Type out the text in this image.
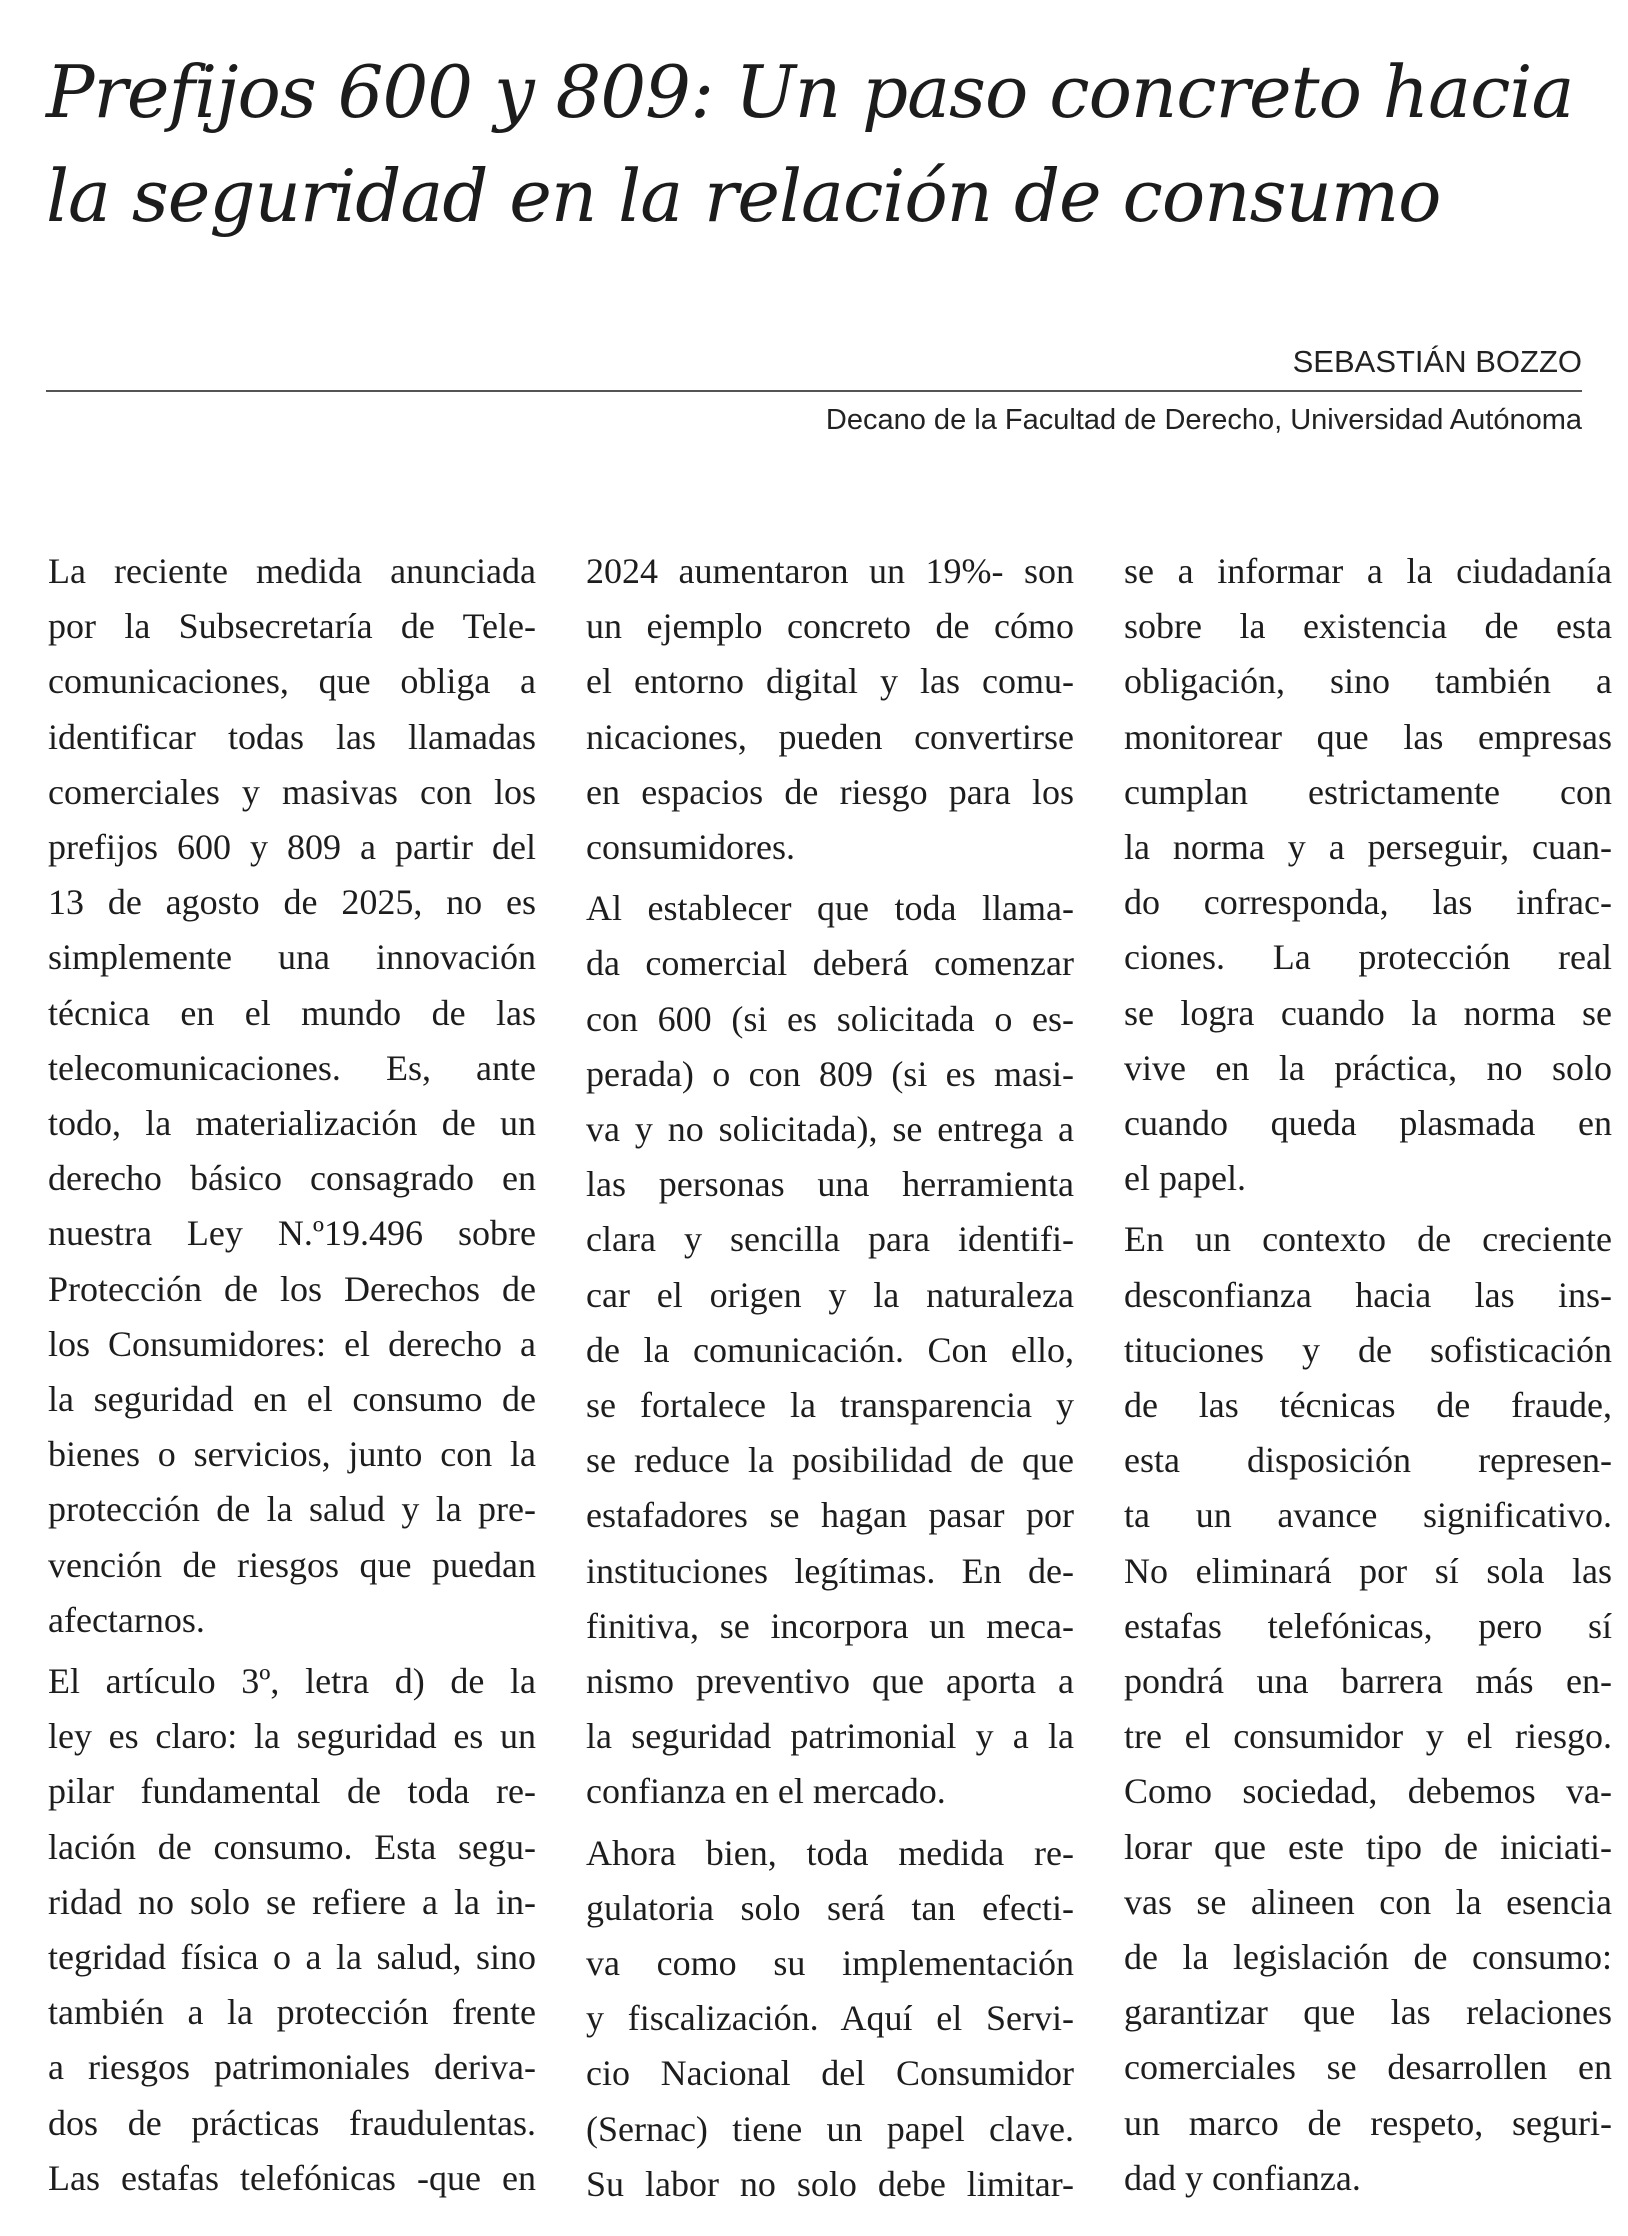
Prefijos 600 y 809: Un paso concreto hacia
la seguridad en la relación de consumo
SEBASTIÁN BOZZO
Decano de la Facultad de Derecho, Universidad Autónoma
La reciente medida anunciada
por la Subsecretaría de Tele-
comunicaciones, que obliga a
identificar todas las llamadas
comerciales y masivas con los
prefijos 600 y 809 a partir del
13 de agosto de 2025, no es
simplemente una innovación
técnica en el mundo de las
telecomunicaciones. Es, ante
todo, la materialización de un
derecho básico consagrado en
nuestra Ley N.º19.496 sobre
Protección de los Derechos de
los Consumidores: el derecho a
la seguridad en el consumo de
bienes o servicios, junto con la
protección de la salud y la pre-
vención de riesgos que puedan
afectarnos.
El artículo 3º, letra d) de la
ley es claro: la seguridad es un
pilar fundamental de toda re-
lación de consumo. Esta segu-
ridad no solo se refiere a la in-
tegridad física o a la salud, sino
también a la protección frente
a riesgos patrimoniales deriva-
dos de prácticas fraudulentas.
Las estafas telefónicas -que en
2024 aumentaron un 19%- son
un ejemplo concreto de cómo
el entorno digital y las comu-
nicaciones, pueden convertirse
en espacios de riesgo para los
consumidores.
Al establecer que toda llama-
da comercial deberá comenzar
con 600 (si es solicitada o es-
perada) o con 809 (si es masi-
va y no solicitada), se entrega a
las personas una herramienta
clara y sencilla para identifi-
car el origen y la naturaleza
de la comunicación. Con ello,
se fortalece la transparencia y
se reduce la posibilidad de que
estafadores se hagan pasar por
instituciones legítimas. En de-
finitiva, se incorpora un meca-
nismo preventivo que aporta a
la seguridad patrimonial y a la
confianza en el mercado.
Ahora bien, toda medida re-
gulatoria solo será tan efecti-
va como su implementación
y fiscalización. Aquí el Servi-
cio Nacional del Consumidor
(Sernac) tiene un papel clave.
Su labor no solo debe limitar-
se a informar a la ciudadanía
sobre la existencia de esta
obligación, sino también a
monitorear que las empresas
cumplan estrictamente con
la norma y a perseguir, cuan-
do corresponda, las infrac-
ciones. La protección real
se logra cuando la norma se
vive en la práctica, no solo
cuando queda plasmada en
el papel.
En un contexto de creciente
desconfianza hacia las ins-
tituciones y de sofisticación
de las técnicas de fraude,
esta disposición represen-
ta un avance significativo.
No eliminará por sí sola las
estafas telefónicas, pero sí
pondrá una barrera más en-
tre el consumidor y el riesgo.
Como sociedad, debemos va-
lorar que este tipo de iniciati-
vas se alineen con la esencia
de la legislación de consumo:
garantizar que las relaciones
comerciales se desarrollen en
un marco de respeto, seguri-
dad y confianza.
